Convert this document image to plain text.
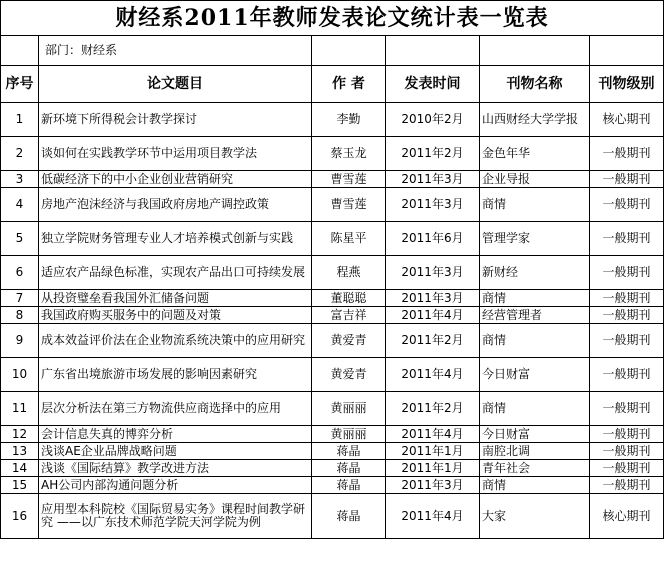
财经系2011年教师发表论文统计表一览表					
	部门：财经系				
序号	论文题目	作 者	发表时间	刊物名称	刊物级别
1	新环境下所得税会计教学探讨	李勤	2010年2月	山西财经大学学报	核心期刊
2	谈如何在实践教学环节中运用项目教学法	蔡玉龙	2011年2月	金色年华	一般期刊
3	低碳经济下的中小企业创业营销研究	曹雪莲	2011年3月	企业导报	一般期刊
4	房地产泡沫经济与我国政府房地产调控政策	曹雪莲	2011年3月	商情	一般期刊
5	独立学院财务管理专业人才培养模式创新与实践	陈星平	2011年6月	管理学家	一般期刊
6	适应农产品绿色标准，实现农产品出口可持续发展	程燕	2011年3月	新财经	一般期刊
7	从投资璧垒看我国外汇储备问题	董聪聪	2011年3月	商情	一般期刊
8	我国政府购买服务中的问题及对策	富吉祥	2011年4月	经营管理者	一般期刊
9	成本效益评价法在企业物流系统决策中的应用研究	黄爱青	2011年2月	商情	一般期刊
10	广东省出境旅游市场发展的影响因素研究	黄爱青	2011年4月	今日财富	一般期刊
11	层次分析法在第三方物流供应商选择中的应用	黄丽丽	2011年2月	商情	一般期刊
12	会计信息失真的博弈分析	黄丽丽	2011年4月	今日财富	一般期刊
13	浅谈AE企业品牌战略问题	蒋晶	2011年1月	南腔北调	一般期刊
14	浅谈《国际结算》教学改进方法	蒋晶	2011年1月	青年社会	一般期刊
15	AH公司内部沟通问题分析	蒋晶	2011年3月	商情	一般期刊
16	应用型本科院校《国际贸易实务》课程时间教学研究 ——以广东技术师范学院天河学院为例	蒋晶	2011年4月	大家	核心期刊
